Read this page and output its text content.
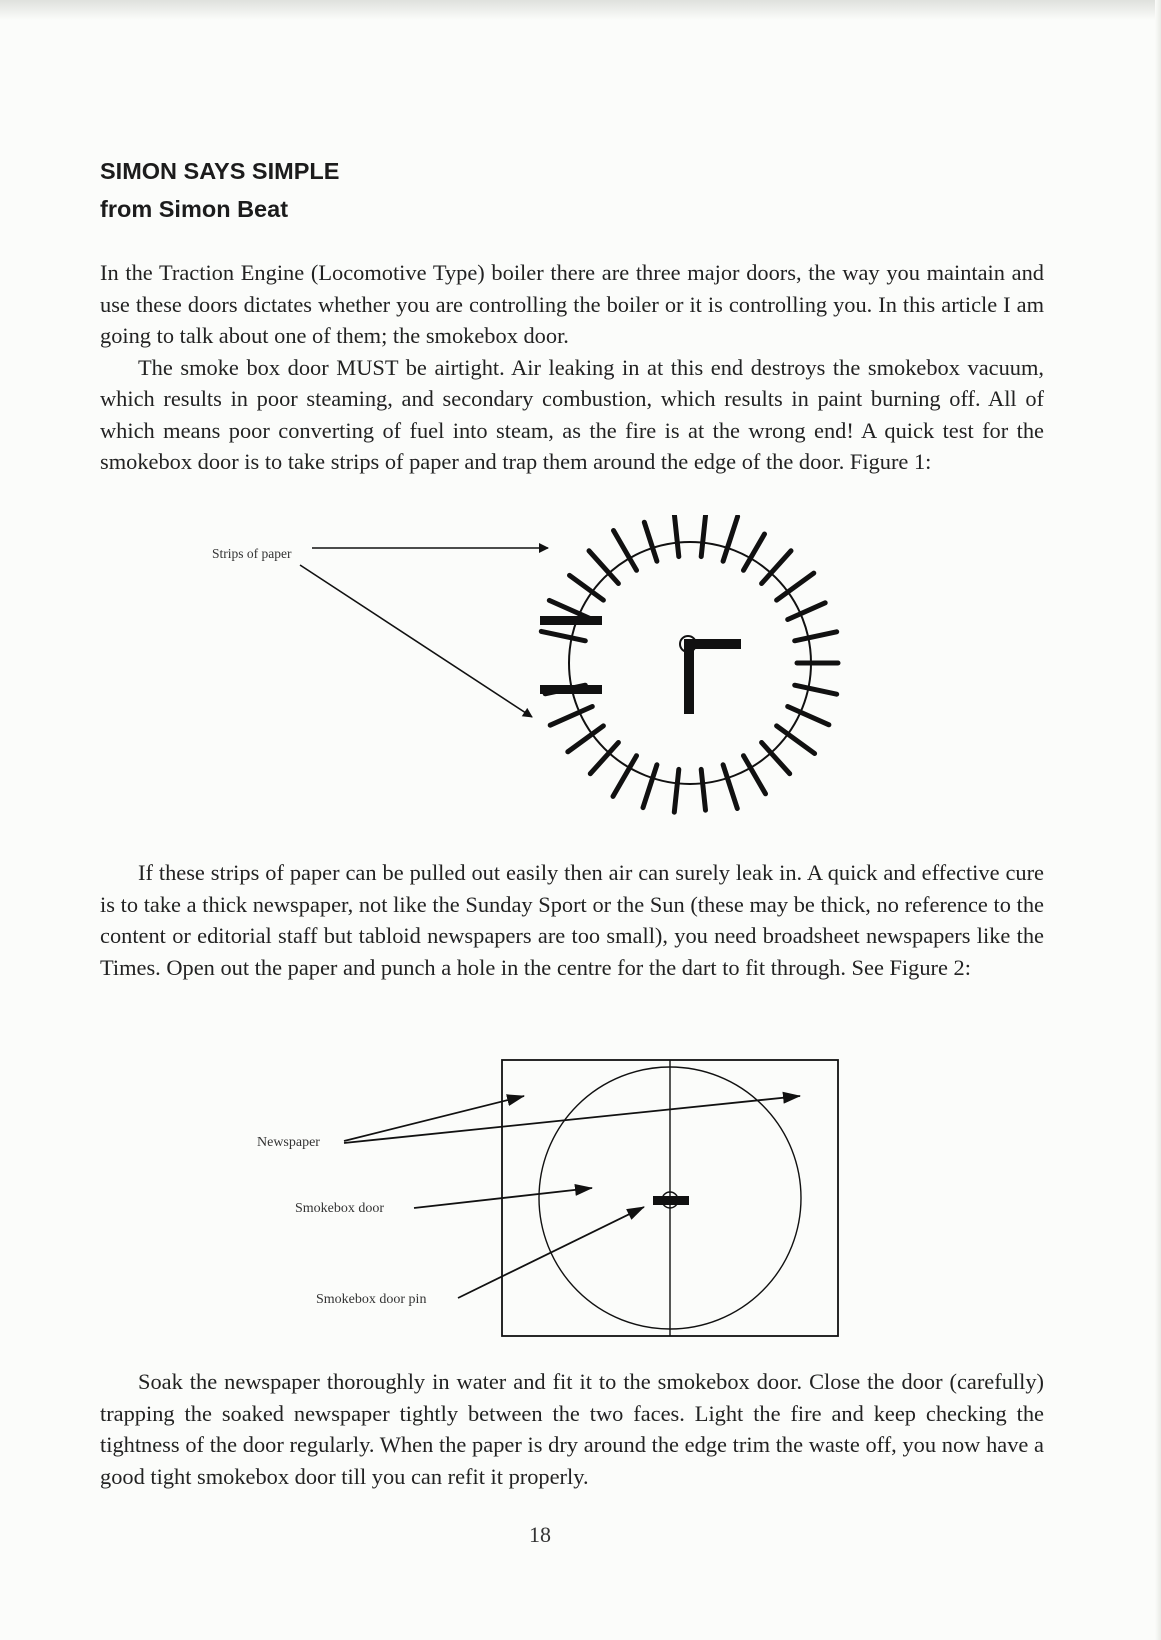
SIMON SAYS SIMPLE
from Simon Beat

In the Traction Engine (Locomotive Type) boiler there are three major doors, the way you maintain and use these doors dictates whether you are controlling the boiler or it is controlling you. In this article I am going to talk about one of them; the smokebox door.

The smoke box door MUST be airtight. Air leaking in at this end destroys the smokebox vacuum, which results in poor steaming, and secondary combustion, which results in paint burning off. All of which means poor converting of fuel into steam, as the fire is at the wrong end! A quick test for the smokebox door is to take strips of paper and trap them around the edge of the door. Figure 1:

Strips of paper

If these strips of paper can be pulled out easily then air can surely leak in. A quick and effective cure is to take a thick newspaper, not like the Sunday Sport or the Sun (these may be thick, no reference to the content or editorial staff but tabloid newspapers are too small), you need broadsheet newspapers like the Times. Open out the paper and punch a hole in the centre for the dart to fit through. See Figure 2:

Newspaper
Smokebox door
Smokebox door pin

Soak the newspaper thoroughly in water and fit it to the smokebox door. Close the door (carefully) trapping the soaked newspaper tightly between the two faces. Light the fire and keep checking the tightness of the door regularly. When the paper is dry around the edge trim the waste off, you now have a good tight smokebox door till you can refit it properly.

18
